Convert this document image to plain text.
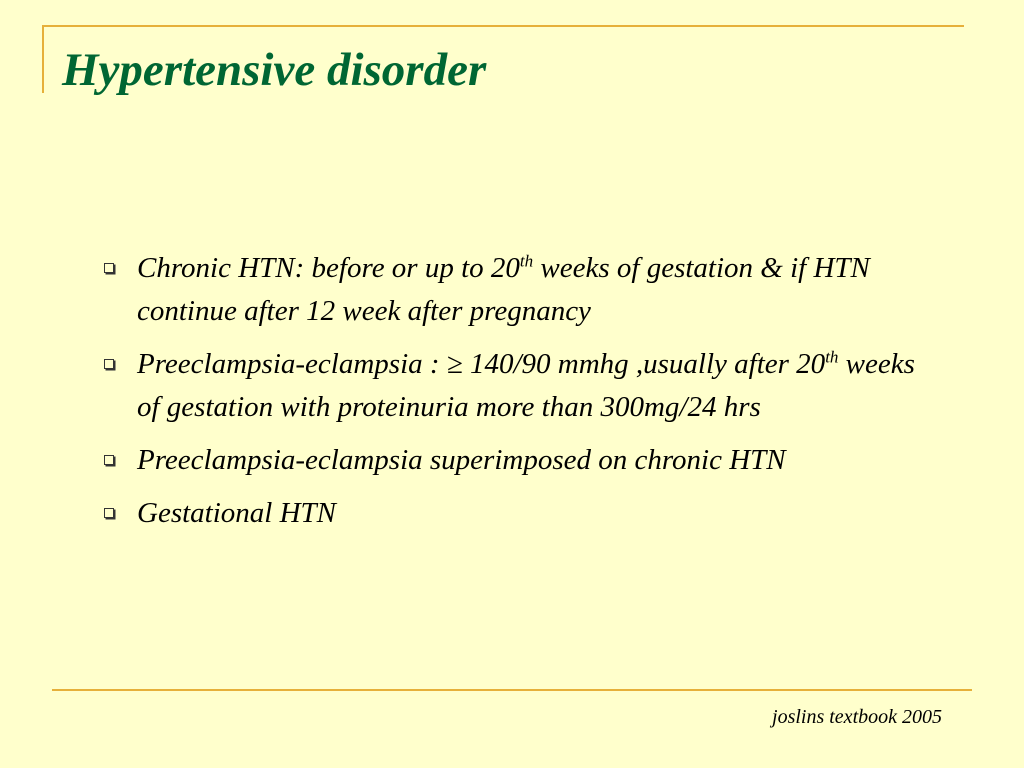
Hypertensive disorder
Chronic HTN: before or up to 20th weeks of gestation & if HTN continue after 12 week after pregnancy
Preeclampsia-eclampsia : ≥ 140/90 mmhg ,usually after 20th weeks of gestation with proteinuria more than 300mg/24 hrs
Preeclampsia-eclampsia superimposed on chronic HTN
Gestational HTN
joslins textbook 2005
